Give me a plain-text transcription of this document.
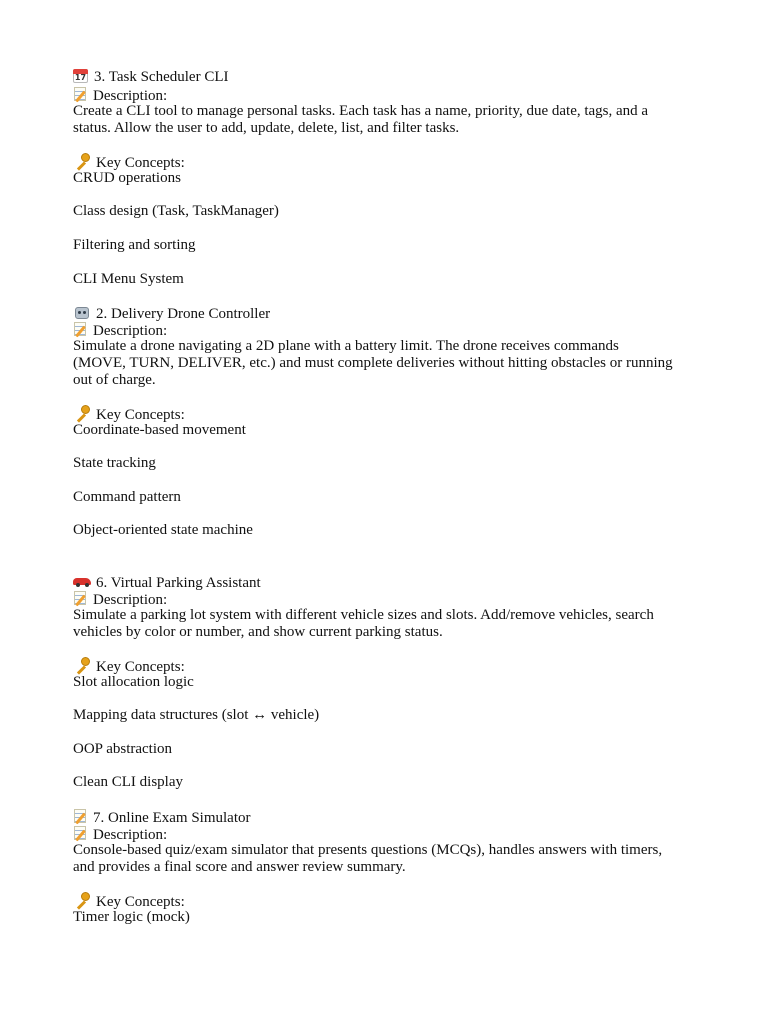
173. Task Scheduler CLI
Description:
Create a CLI tool to manage personal tasks. Each task has a name, priority, due date, tags, and a
status. Allow the user to add, update, delete, list, and filter tasks.
Key Concepts:
CRUD operations
Class design (Task, TaskManager)
Filtering and sorting
CLI Menu System
2. Delivery Drone Controller
Description:
Simulate a drone navigating a 2D plane with a battery limit. The drone receives commands
(MOVE, TURN, DELIVER, etc.) and must complete deliveries without hitting obstacles or running
out of charge.
Key Concepts:
Coordinate-based movement
State tracking
Command pattern
Object-oriented state machine
6. Virtual Parking Assistant
Description:
Simulate a parking lot system with different vehicle sizes and slots. Add/remove vehicles, search
vehicles by color or number, and show current parking status.
Key Concepts:
Slot allocation logic
Mapping data structures (slot ↔ vehicle)
OOP abstraction
Clean CLI display
7. Online Exam Simulator
Description:
Console-based quiz/exam simulator that presents questions (MCQs), handles answers with timers,
and provides a final score and answer review summary.
Key Concepts:
Timer logic (mock)
